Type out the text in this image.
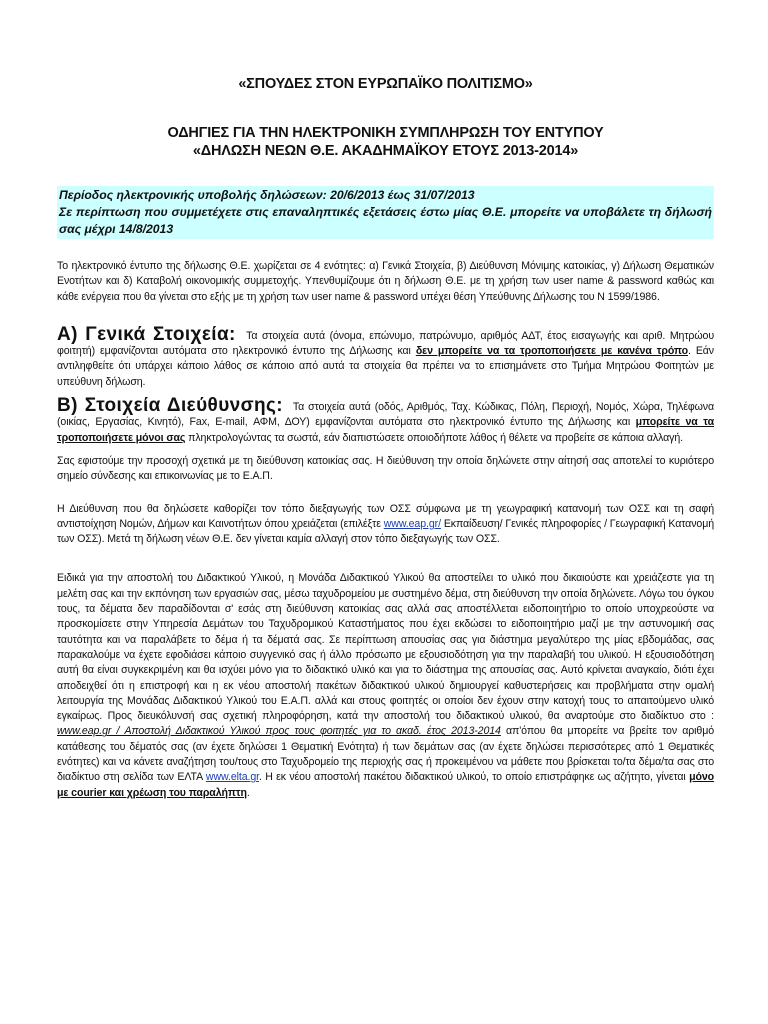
«ΣΠΟΥΔΕΣ ΣΤΟΝ ΕΥΡΩΠΑΪΚΟ ΠΟΛΙΤΙΣΜΟ»
ΟΔΗΓΙΕΣ ΓΙΑ ΤΗΝ ΗΛΕΚΤΡΟΝΙΚΗ ΣΥΜΠΛΗΡΩΣΗ ΤΟΥ ΕΝΤΥΠΟΥ
«ΔΗΛΩΣΗ ΝΕΩΝ Θ.Ε. ΑΚΑΔΗΜΑΪΚΟΥ ΕΤΟΥΣ 2013-2014»
Περίοδος ηλεκτρονικής υποβολής δηλώσεων: 20/6/2013 έως 31/07/2013
Σε περίπτωση που συμμετέχετε στις επαναληπτικές εξετάσεις έστω μίας Θ.Ε. μπορείτε να υποβάλετε τη δήλωσή σας μέχρι 14/8/2013

Το ηλεκτρονικό έντυπο της δήλωσης Θ.Ε. χωρίζεται σε 4 ενότητες: α) Γενικά Στοιχεία, β) Διεύθυνση Μόνιμης κατοικίας, γ) Δήλωση Θεματικών Ενοτήτων και δ) Καταβολή οικονομικής συμμετοχής. Υπενθυμίζουμε ότι η δήλωση Θ.Ε. με τη χρήση των user name & password καθώς και κάθε ενέργεια που θα γίνεται στο εξής με τη χρήση των user name & password υπέχει θέση Υπεύθυνης Δήλωσης του Ν 1599/1986.

Α) Γενικά Στοιχεία: Τα στοιχεία αυτά (όνομα, επώνυμο, πατρώνυμο, αριθμός ΑΔΤ, έτος εισαγωγής και αριθ. Μητρώου φοιτητή) εμφανίζονται αυτόματα στο ηλεκτρονικό έντυπο της Δήλωσης και δεν μπορείτε να τα τροποποιήσετε με κανένα τρόπο. Εάν αντιληφθείτε ότι υπάρχει κάποιο λάθος σε κάποιο από αυτά τα στοιχεία θα πρέπει να το επισημάνετε στο Τμήμα Μητρώου Φοιτητών με υπεύθυνη δήλωση.

Β) Στοιχεία Διεύθυνσης: Τα στοιχεία αυτά (οδός, Αριθμός, Ταχ. Κώδικας, Πόλη, Περιοχή, Νομός, Χώρα, Τηλέφωνα (οικίας, Εργασίας, Κινητό), Fax, E-mail, ΑΦΜ, ΔΟΥ) εμφανίζονται αυτόματα στο ηλεκτρονικό έντυπο της Δήλωσης και μπορείτε να τα τροποποιήσετε μόνοι σας πληκτρολογώντας τα σωστά, εάν διαπιστώσετε οποιοδήποτε λάθος ή θέλετε να προβείτε σε κάποια αλλαγή.

Σας εφιστούμε την προσοχή σχετικά με τη διεύθυνση κατοικίας σας. Η διεύθυνση την οποία δηλώνετε στην αίτησή σας αποτελεί το κυριότερο σημείο σύνδεσης και επικοινωνίας με το Ε.Α.Π.

Η Διεύθυνση που θα δηλώσετε καθορίζει τον τόπο διεξαγωγής των ΟΣΣ σύμφωνα με τη γεωγραφική κατανομή των ΟΣΣ και τη σαφή αντιστοίχηση Νομών, Δήμων και Καινοτήτων όπου χρειάζεται (επιλέξτε www.eap.gr/ Εκπαίδευση/ Γενικές πληροφορίες / Γεωγραφική Κατανομή των ΟΣΣ). Μετά τη δήλωση νέων Θ.Ε. δεν γίνεται καμία αλλαγή στον τόπο διεξαγωγής των ΟΣΣ.

Ειδικά για την αποστολή του Διδακτικού Υλικού, η Μονάδα Διδακτικού Υλικού θα αποστείλει το υλικό που δικαιούστε και χρειάζεστε για τη μελέτη σας και την εκπόνηση των εργασιών σας, μέσω ταχυδρομείου με συστημένο δέμα, στη διεύθυνση την οποία δηλώνετε. Λόγω του όγκου τους, τα δέματα δεν παραδίδονται σ' εσάς στη διεύθυνση κατοικίας σας αλλά σας αποστέλλεται ειδοποιητήριο το οποίο υποχρεούστε να προσκομίσετε στην Υπηρεσία Δεμάτων του Ταχυδρομικού Καταστήματος που έχει εκδώσει το ειδοποιητήριο μαζί με την αστυνομική σας ταυτότητα και να παραλάβετε το δέμα ή τα δέματά σας. Σε περίπτωση απουσίας σας για διάστημα μεγαλύτερο της μίας εβδομάδας, σας παρακαλούμε να έχετε εφοδιάσει κάποιο συγγενικό σας ή άλλο πρόσωπο με εξουσιοδότηση για την παραλαβή του υλικού. Η εξουσιοδότηση αυτή θα είναι συγκεκριμένη και θα ισχύει μόνο για το διδακτικό υλικό και για το διάστημα της απουσίας σας. Αυτό κρίνεται αναγκαίο, διότι έχει αποδειχθεί ότι η επιστροφή και η εκ νέου αποστολή πακέτων διδακτικού υλικού δημιουργεί καθυστερήσεις και προβλήματα στην ομαλή λειτουργία της Μονάδας Διδακτικού Υλικού του Ε.Α.Π. αλλά και στους φοιτητές οι οποίοι δεν έχουν στην κατοχή τους το απαιτούμενο υλικό εγκαίρως. Προς διευκόλυνσή σας σχετική πληροφόρηση, κατά την αποστολή του διδακτικού υλικού, θα αναρτούμε στο διαδίκτυο στο : www.eap.gr / Αποστολή Διδακτικού Υλικού προς τους φοιτητές για το ακαδ. έτος 2013-2014 απ'όπου θα μπορείτε να βρείτε τον αριθμό κατάθεσης του δέματός σας (αν έχετε δηλώσει 1 Θεματική Ενότητα) ή των δεμάτων σας (αν έχετε δηλώσει περισσότερες από 1 Θεματικές ενότητες) και να κάνετε αναζήτηση του/τους στο Ταχυδρομείο της περιοχής σας ή προκειμένου να μάθετε που βρίσκεται το/τα δέμα/τα σας στο διαδίκτυο στη σελίδα των ΕΛΤΑ www.elta.gr. Η εκ νέου αποστολή πακέτου διδακτικού υλικού, το οποίο επιστράφηκε ως αζήτητο, γίνεται μόνο με courier και χρέωση του παραλήπτη.
